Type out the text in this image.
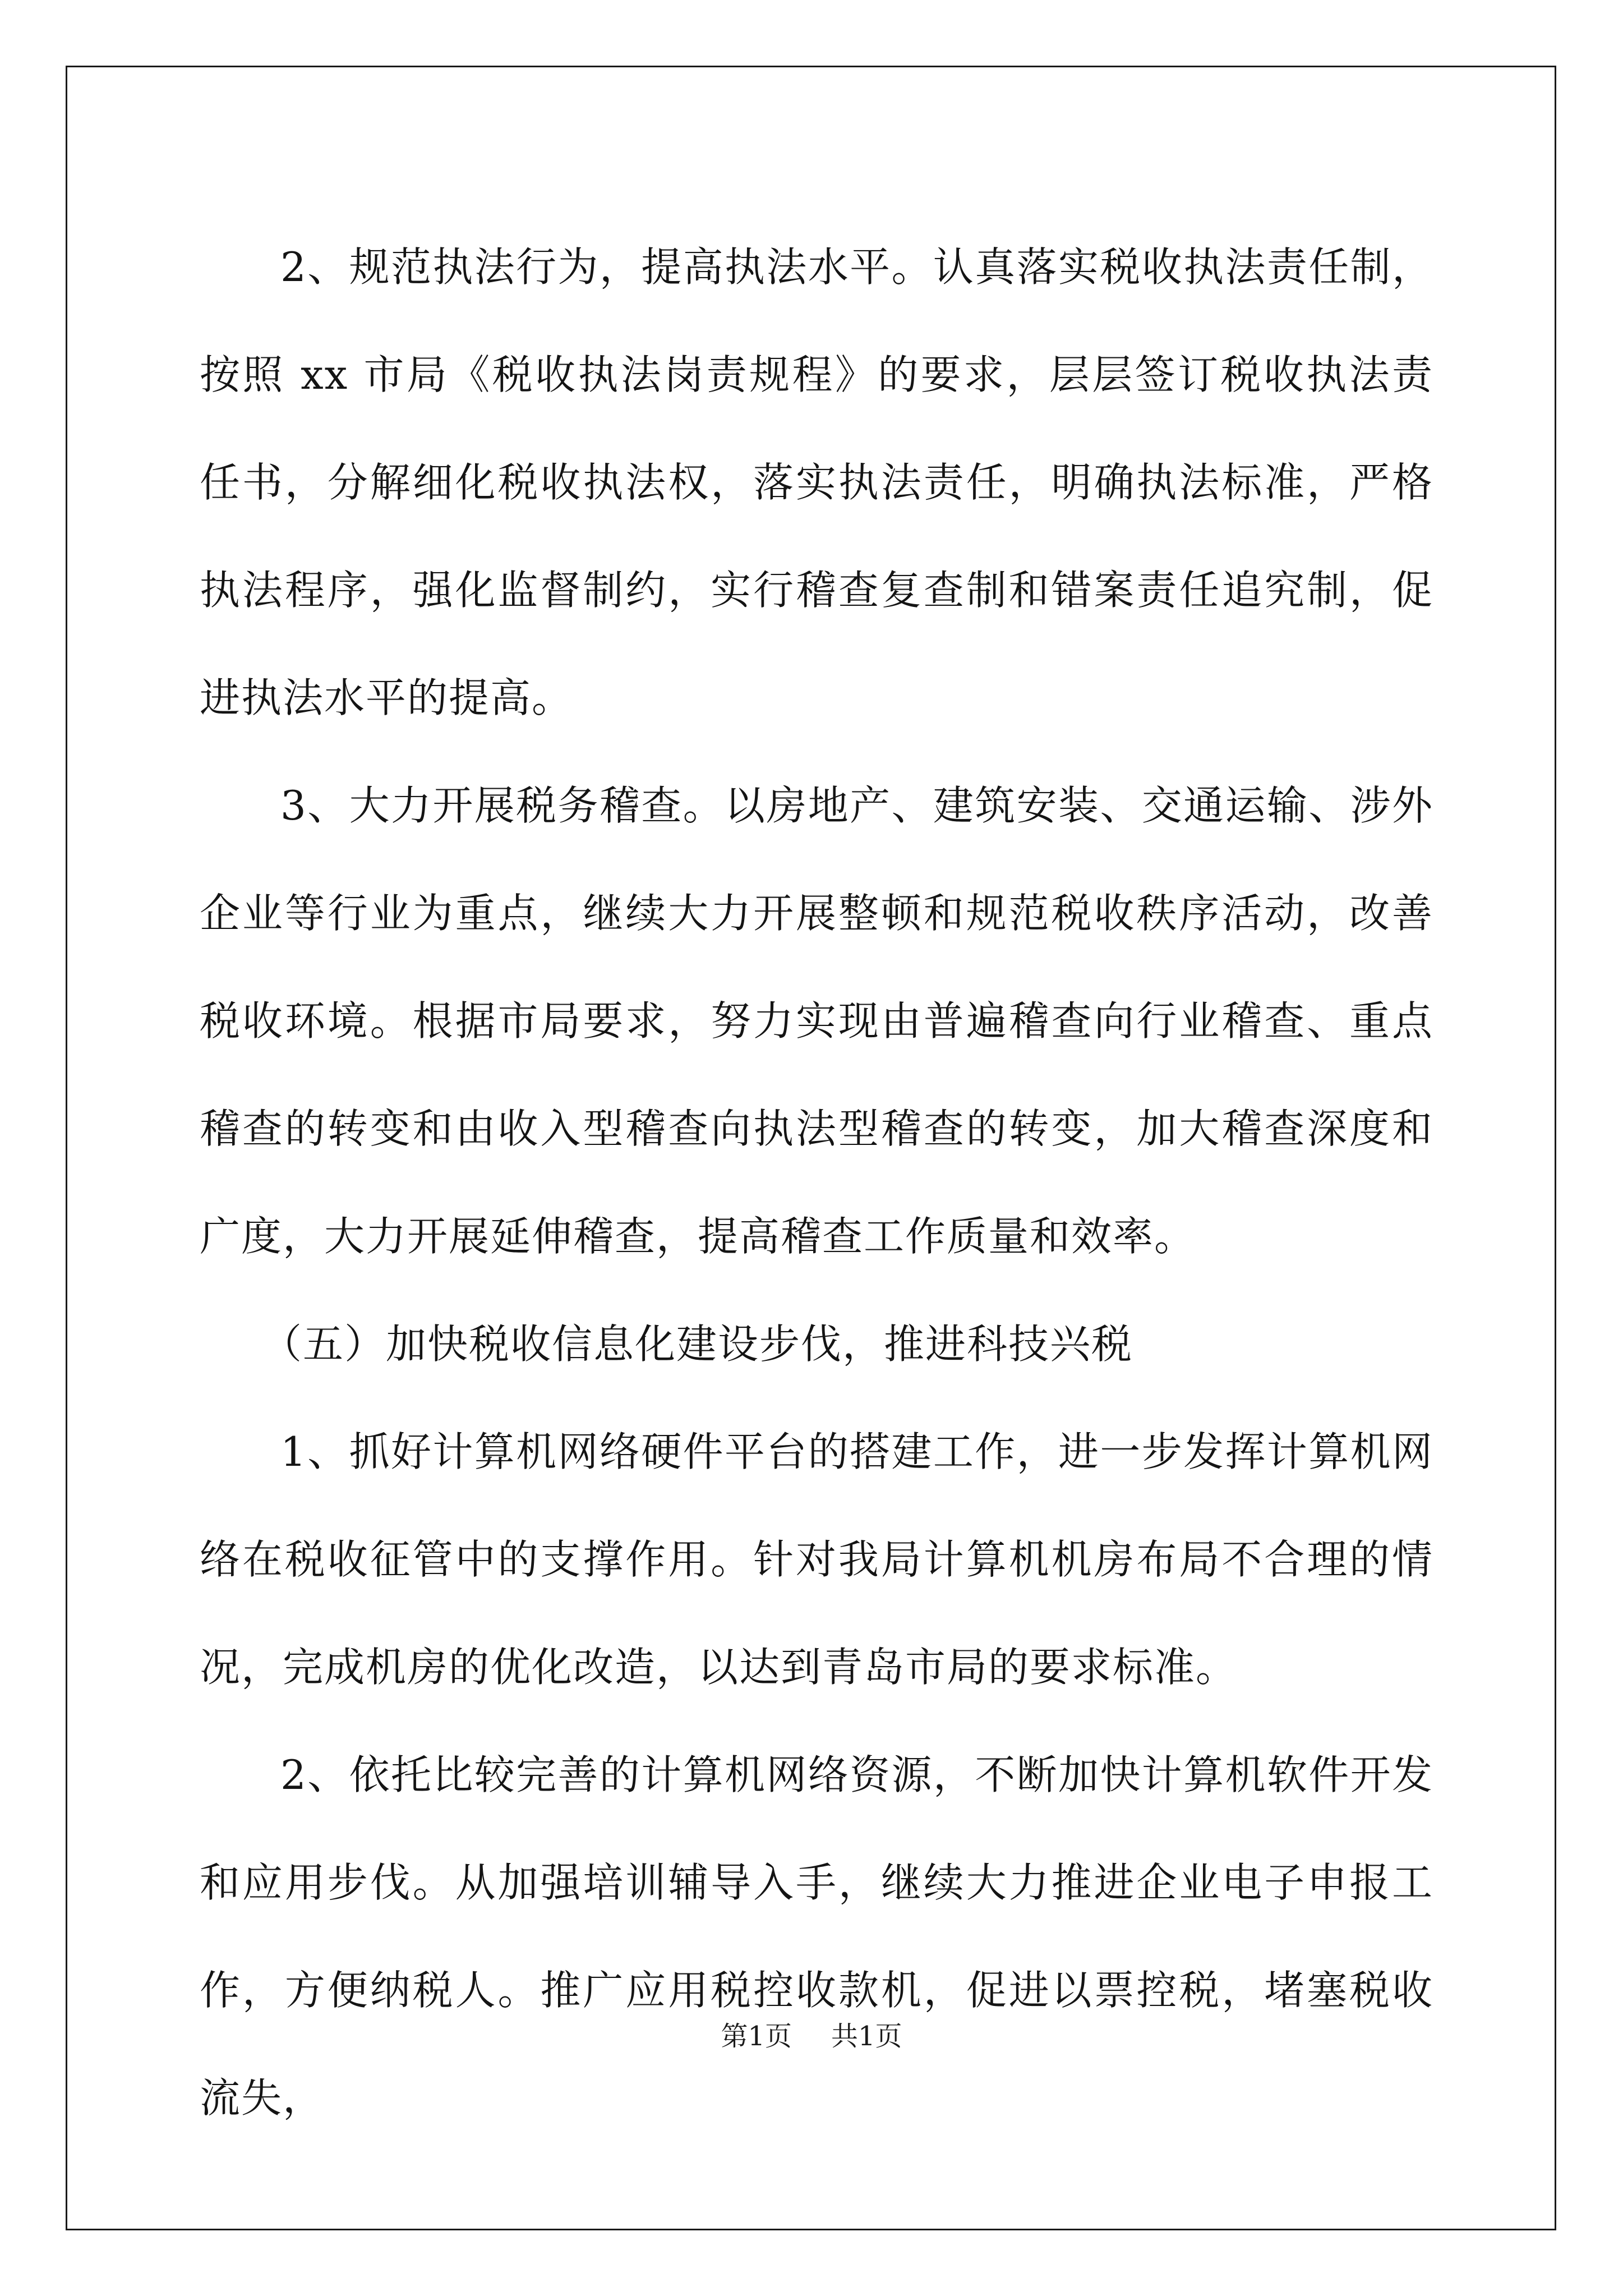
2、规范执法行为，提高执法水平。认真落实税收执法责任制，按照 xx 市局《税收执法岗责规程》的要求，层层签订税收执法责任书，分解细化税收执法权，落实执法责任，明确执法标准，严格执法程序，强化监督制约，实行稽查复查制和错案责任追究制，促进执法水平的提高。

3、大力开展税务稽查。以房地产、建筑安装、交通运输、涉外企业等行业为重点，继续大力开展整顿和规范税收秩序活动，改善税收环境。根据市局要求，努力实现由普遍稽查向行业稽查、重点稽查的转变和由收入型稽查向执法型稽查的转变，加大稽查深度和广度，大力开展延伸稽查，提高稽查工作质量和效率。

（五）加快税收信息化建设步伐，推进科技兴税

1、抓好计算机网络硬件平台的搭建工作，进一步发挥计算机网络在税收征管中的支撑作用。针对我局计算机机房布局不合理的情况，完成机房的优化改造，以达到青岛市局的要求标准。

2、依托比较完善的计算机网络资源，不断加快计算机软件开发和应用步伐。从加强培训辅导入手，继续大力推进企业电子申报工作，方便纳税人。推广应用税控收款机，促进以票控税，堵塞税收流失，

第1页 共1页
